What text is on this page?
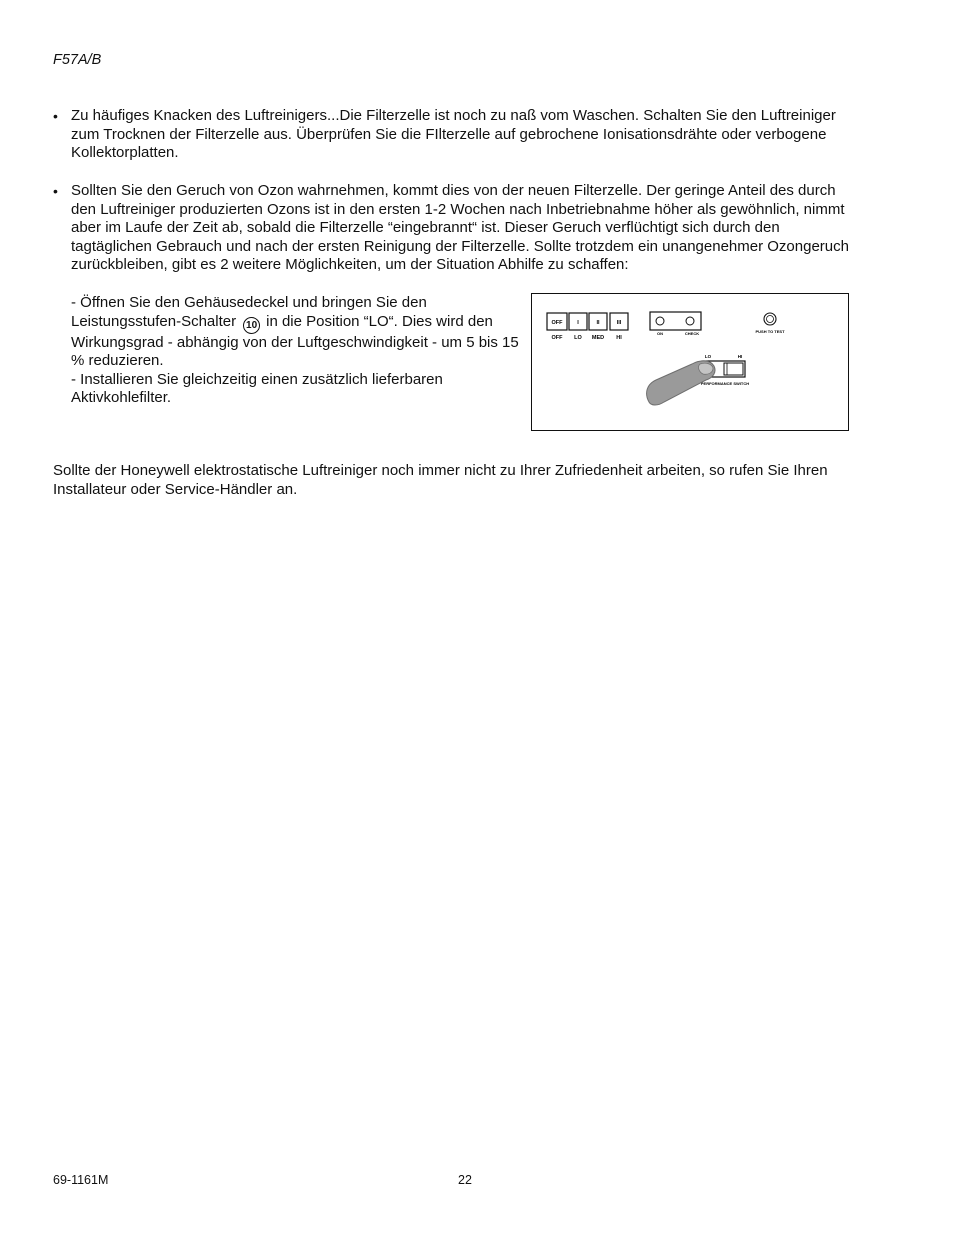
F57A/B
• Zu häufiges Knacken des Luftreinigers...Die Filterzelle ist noch zu naß vom Waschen. Schalten Sie den Luftreiniger zum Trocknen der Filterzelle aus. Überprüfen Sie die FIlterzelle auf gebrochene Ionisationsdrähte oder verbogene Kollektorplatten.
• Sollten Sie den Geruch von Ozon wahrnehmen, kommt dies von der neuen Filterzelle. Der geringe Anteil des durch den Luftreiniger produzierten Ozons ist in den ersten 1-2 Wochen nach Inbetriebnahme höher als gewöhnlich, nimmt aber im Laufe der Zeit ab, sobald die Filterzelle “eingebrannt“ ist. Dieser Geruch verflüchtigt sich durch den tagtäglichen Gebrauch und nach der ersten Reinigung der Filterzelle. Sollte trotzdem ein unangenehmer Ozongeruch zurückbleiben, gibt es 2 weitere Möglichkeiten, um der Situation Abhilfe zu schaffen:
- Öffnen Sie den Gehäusedeckel und bringen Sie den Leistungsstufen-Schalter 10 in die Position “LO“. Dies wird den Wirkungsgrad - abhängig von der Luftgeschwindigkeit - um 5 bis 15 % reduzieren.
- Installieren Sie gleichzeitig einen zusätzlich lieferbaren Aktivkohlefilter.
OFF	I	II	III
OFF LO MED HI
ON	CHECK	PUSH TO TEST
LO	HI
PERFORMANCE SWITCH
Sollte der Honeywell elektrostatische Luftreiniger noch immer nicht zu Ihrer Zufriedenheit arbeiten, so rufen Sie Ihren Installateur oder Service-Händler an.
69-1161M	22
